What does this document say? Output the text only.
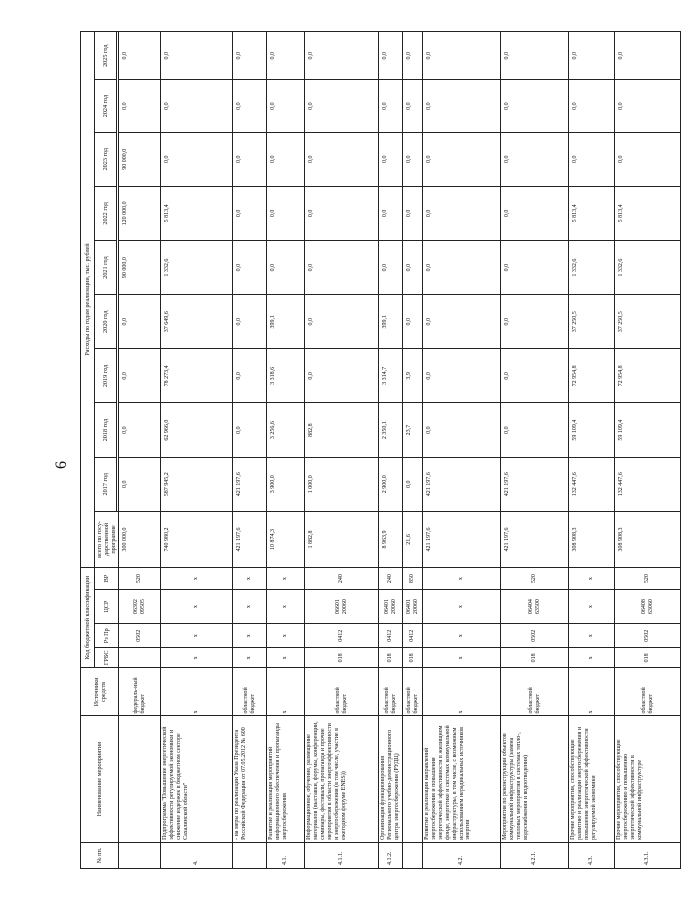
6
№ пп.	Наименование мероприятия	Источники средств	Код бюджетной классификации				Расходы по годам реализации, тыс. рублей									
			ГРБС	Рз Пр	ЦСР	ВР	всего по госу-дарственной программе	2017 год	2018 год	2019 год	2020 год	2021 год	2022 год	2023 год	2024 год	2025 год

		федераль-ный бюджет		0502	06302 09505	520	300 000,0	0,0	0,0	0,0	0,0	90 000,0	120 000,0	90 000,0	0,0	0,0
4.	Подпрограмма "Повышение энергетической эффективности регулируемой экономики и снижение издержек в бюджетном секторе Сахалинской области"	x	x	x	x	x	740 980,2	587 945,2	62 966,0	78 273,4	37 649,6	1 332,6	5 813,4	0,0	0,0	0,0
	- на меры по реализации Указа Президента Российской Федерации от 07.05.2012 № 600	областной бюджет	x	x	x	x	421 197,6	421 197,6	0,0	0,0	0,0	0,0	0,0	0,0	0,0	0,0
4.1.	Развитие и реализация мероприятий информационного обеспечения и пропаганды энергосбережения	x	x	x	x	x	10 874,3	3 900,0	3 256,6	3 318,6	399,1	0,0	0,0	0,0	0,0	0,0
4.1.1.	Информационное, обучение, размещение материалов (выставки, форумы, конференции, семинары, фестивали, пропаганда и прочие мероприятия в области энергоэффективности и энергосбережения (в том числе, участие в ежегодном форуме ENES))	областной бюджет	018	0412	06601 20060	240	1 882,8	1 000,0	882,8	0,0	0,0	0,0	0,0	0,0	0,0	0,0
4.1.2.	Организация функционирования Регионального учебно-демонстрационного центра энергосбережения (РУДЦ)	областной бюджет	018	0412	06401 20060	240	8 963,9	2 900,0	2 350,1	3 314,7	399,1	0,0	0,0	0,0	0,0	0,0
		областной бюджет	018	0412	06401 20060	850	21,6	0,0	23,7	3,9	0,0	0,0	0,0	0,0	0,0	0,0
4.2.	Развитие и реализация направлений энергосбережения и повышения энергетической эффективности в жилищном фонде, энергетике и системах коммунальной инфраструктуры, в том числе, с возможным использованием нерадикальных источников энергии	x	x	x	x	x	421 197,6	421 197,6	0,0	0,0	0,0	0,0	0,0	0,0	0,0	0,0
4.2.1.	Мероприятия по реконструкции объектов коммунальной инфраструктуры (замена тепловых мероприятия в системах тепло-, водоснабжения и водоотведения)	областной бюджет	018	0502	06404 63500	520	421 197,6	421 197,6	0,0	0,0	0,0	0,0	0,0	0,0	0,0	0,0
4.3.	Прочие мероприятия, способствующие развитию и реализации энергосбережения и повышения энергетической эффективности регулируемой экономики	x	x	x	x	x	308 908,3	132 447,6	59 109,4	72 954,8	37 250,5	1 332,6	5 813,4	0,0	0,0	0,0
4.3.1.	Прочие мероприятия, способствующие энергосбережению и повышению энергетической эффективности в коммунальной инфраструктуре	областной бюджет	018	0502	06408 63060	520	308 908,3	132 447,6	59 109,4	72 954,8	37 250,5	1 332,6	5 813,4	0,0	0,0	0,0
